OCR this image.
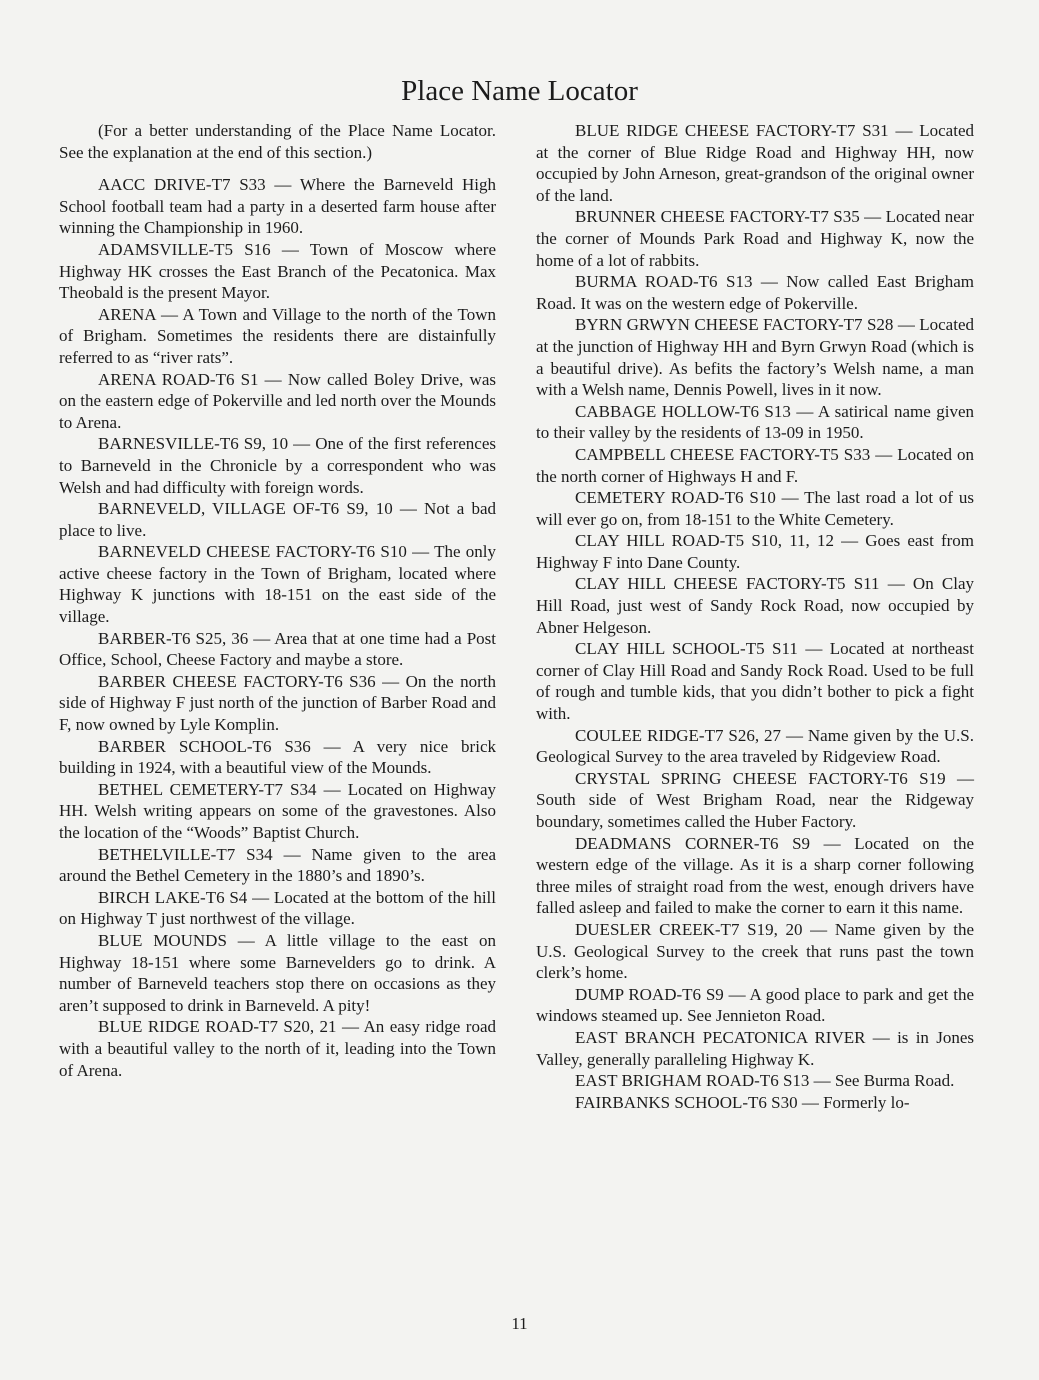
Place Name Locator

(For a better understanding of the Place Name Locator. See the explanation at the end of this section.)

AACC DRIVE-T7 S33 — Where the Barneveld High School football team had a party in a deserted farm house after winning the Championship in 1960.

ADAMSVILLE-T5 S16 — Town of Moscow where Highway HK crosses the East Branch of the Pecatonica. Max Theobald is the present Mayor.

ARENA — A Town and Village to the north of the Town of Brigham. Sometimes the residents there are distainfully referred to as “river rats”.

ARENA ROAD-T6 S1 — Now called Boley Drive, was on the eastern edge of Pokerville and led north over the Mounds to Arena.

BARNESVILLE-T6 S9, 10 — One of the first references to Barneveld in the Chronicle by a correspondent who was Welsh and had difficulty with foreign words.

BARNEVELD, VILLAGE OF-T6 S9, 10 — Not a bad place to live.

BARNEVELD CHEESE FACTORY-T6 S10 — The only active cheese factory in the Town of Brigham, located where Highway K junctions with 18-151 on the east side of the village.

BARBER-T6 S25, 36 — Area that at one time had a Post Office, School, Cheese Factory and maybe a store.

BARBER CHEESE FACTORY-T6 S36 — On the north side of Highway F just north of the junction of Barber Road and F, now owned by Lyle Komplin.

BARBER SCHOOL-T6 S36 — A very nice brick building in 1924, with a beautiful view of the Mounds.

BETHEL CEMETERY-T7 S34 — Located on Highway HH. Welsh writing appears on some of the gravestones. Also the location of the “Woods” Baptist Church.

BETHELVILLE-T7 S34 — Name given to the area around the Bethel Cemetery in the 1880’s and 1890’s.

BIRCH LAKE-T6 S4 — Located at the bottom of the hill on Highway T just northwest of the village.

BLUE MOUNDS — A little village to the east on Highway 18-151 where some Barnevelders go to drink. A number of Barneveld teachers stop there on occasions as they aren’t supposed to drink in Barneveld. A pity!

BLUE RIDGE ROAD-T7 S20, 21 — An easy ridge road with a beautiful valley to the north of it, leading into the Town of Arena.

BLUE RIDGE CHEESE FACTORY-T7 S31 — Located at the corner of Blue Ridge Road and Highway HH, now occupied by John Arneson, great-grandson of the original owner of the land.

BRUNNER CHEESE FACTORY-T7 S35 — Located near the corner of Mounds Park Road and Highway K, now the home of a lot of rabbits.

BURMA ROAD-T6 S13 — Now called East Brigham Road. It was on the western edge of Pokerville.

BYRN GRWYN CHEESE FACTORY-T7 S28 — Located at the junction of Highway HH and Byrn Grwyn Road (which is a beautiful drive). As befits the factory’s Welsh name, a man with a Welsh name, Dennis Powell, lives in it now.

CABBAGE HOLLOW-T6 S13 — A satirical name given to their valley by the residents of 13-09 in 1950.

CAMPBELL CHEESE FACTORY-T5 S33 — Located on the north corner of Highways H and F.

CEMETERY ROAD-T6 S10 — The last road a lot of us will ever go on, from 18-151 to the White Cemetery.

CLAY HILL ROAD-T5 S10, 11, 12 — Goes east from Highway F into Dane County.

CLAY HILL CHEESE FACTORY-T5 S11 — On Clay Hill Road, just west of Sandy Rock Road, now occupied by Abner Helgeson.

CLAY HILL SCHOOL-T5 S11 — Located at northeast corner of Clay Hill Road and Sandy Rock Road. Used to be full of rough and tumble kids, that you didn’t bother to pick a fight with.

COULEE RIDGE-T7 S26, 27 — Name given by the U.S. Geological Survey to the area traveled by Ridgeview Road.

CRYSTAL SPRING CHEESE FACTORY-T6 S19 — South side of West Brigham Road, near the Ridgeway boundary, sometimes called the Huber Factory.

DEADMANS CORNER-T6 S9 — Located on the western edge of the village. As it is a sharp corner following three miles of straight road from the west, enough drivers have falled asleep and failed to make the corner to earn it this name.

DUESLER CREEK-T7 S19, 20 — Name given by the U.S. Geological Survey to the creek that runs past the town clerk’s home.

DUMP ROAD-T6 S9 — A good place to park and get the windows steamed up. See Jennieton Road.

EAST BRANCH PECATONICA RIVER — is in Jones Valley, generally paralleling Highway K.

EAST BRIGHAM ROAD-T6 S13 — See Burma Road.

FAIRBANKS SCHOOL-T6 S30 — Formerly lo-

11
